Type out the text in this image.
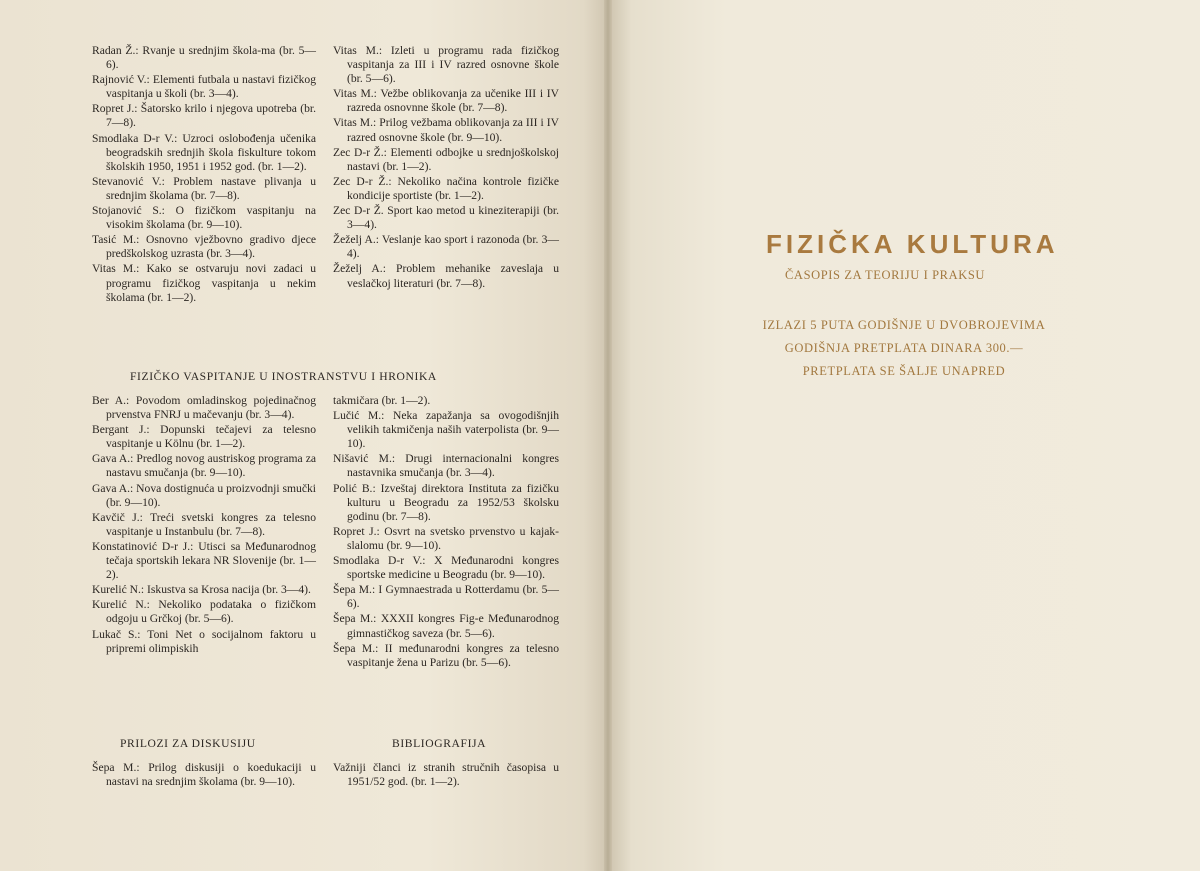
Radan Ž.: Rvanje u srednjim škola-ma (br. 5—6).

Rajnović V.: Elementi futbala u nastavi fizičkog vaspitanja u školi (br. 3—4).

Ropret J.: Šatorsko krilo i njegova upotreba (br. 7—8).

Smodlaka D-r V.: Uzroci oslobođenja učenika beogradskih srednjih škola fiskulture tokom školskih 1950, 1951 i 1952 god. (br. 1—2).

Stevanović V.: Problem nastave plivanja u srednjim školama (br. 7—8).

Stojanović S.: O fizičkom vaspitanju na visokim školama (br. 9—10).

Tasić M.: Osnovno vježbovno gradivo djece predškolskog uzrasta (br. 3—4).

Vitas M.: Kako se ostvaruju novi zadaci u programu fizičkog vaspitanja u nekim školama (br. 1—2).

Vitas M.: Izleti u programu rada fizičkog vaspitanja za III i IV razred osnovne škole (br. 5—6).

Vitas M.: Vežbe oblikovanja za učenike III i IV razreda osnovnne škole (br. 7—8).

Vitas M.: Prilog vežbama oblikovanja za III i IV razred osnovne škole (br. 9—10).

Zec D-r Ž.: Elementi odbojke u srednjoškolskoj nastavi (br. 1—2).

Zec D-r Ž.: Nekoliko načina kontrole fizičke kondicije sportiste (br. 1—2).

Zec D-r Ž. Sport kao metod u kineziterapiji (br. 3—4).

Žeželj A.: Veslanje kao sport i razonoda (br. 3—4).

Žeželj A.: Problem mehanike zaveslaja u veslačkoj literaturi (br. 7—8).

FIZIČKO VASPITANJE U INOSTRANSTVU I HRONIKA

Ber A.: Povodom omladinskog pojedinačnog prvenstva FNRJ u mačevanju (br. 3—4).

Bergant J.: Dopunski tečajevi za telesno vaspitanje u Kölnu (br. 1—2).

Gava A.: Predlog novog austriskog programa za nastavu smučanja (br. 9—10).

Gava A.: Nova dostignuća u proizvodnji smučki (br. 9—10).

Kavčič J.: Treći svetski kongres za telesno vaspitanje u Instanbulu (br. 7—8).

Konstatinović D-r J.: Utisci sa Međunarodnog tečaja sportskih lekara NR Slovenije (br. 1—2).

Kurelić N.: Iskustva sa Krosa nacija (br. 3—4).

Kurelić N.: Nekoliko podataka o fizičkom odgoju u Grčkoj (br. 5—6).

Lukač S.: Toni Net o socijalnom faktoru u pripremi olimpiskih

takmičara (br. 1—2).

Lučić M.: Neka zapažanja sa ovogodišnjih velikih takmičenja naših vaterpolista (br. 9—10).

Nišavić M.: Drugi internacionalni kongres nastavnika smučanja (br. 3—4).

Polić B.: Izveštaj direktora Instituta za fizičku kulturu u Beogradu za 1952/53 školsku godinu (br. 7—8).

Ropret J.: Osvrt na svetsko prvenstvo u kajak-slalomu (br. 9—10).

Smodlaka D-r V.: X Međunarodni kongres sportske medicine u Beogradu (br. 9—10).

Šepa M.: I Gymnaestrada u Rotterdamu (br. 5—6).

Šepa M.: XXXII kongres Fig-e Međunarodnog gimnastičkog saveza (br. 5—6).

Šepa M.: II međunarodni kongres za telesno vaspitanje žena u Parizu (br. 5—6).

PRILOZI ZA DISKUSIJU	BIBLIOGRAFIJA

Šepa M.: Prilog diskusiji o koedukaciji u nastavi na srednjim školama (br. 9—10).

Važniji članci iz stranih stručnih časopisa u 1951/52 god. (br. 1—2).

FIZIČKA KULTURA
ČASOPIS ZA TEORIJU I PRAKSU
IZLAZI 5 PUTA GODIŠNJE U DVOBROJEVIMA
GODIŠNJA PRETPLATA DINARA 300.—
PRETPLATA SE ŠALJE UNAPRED
